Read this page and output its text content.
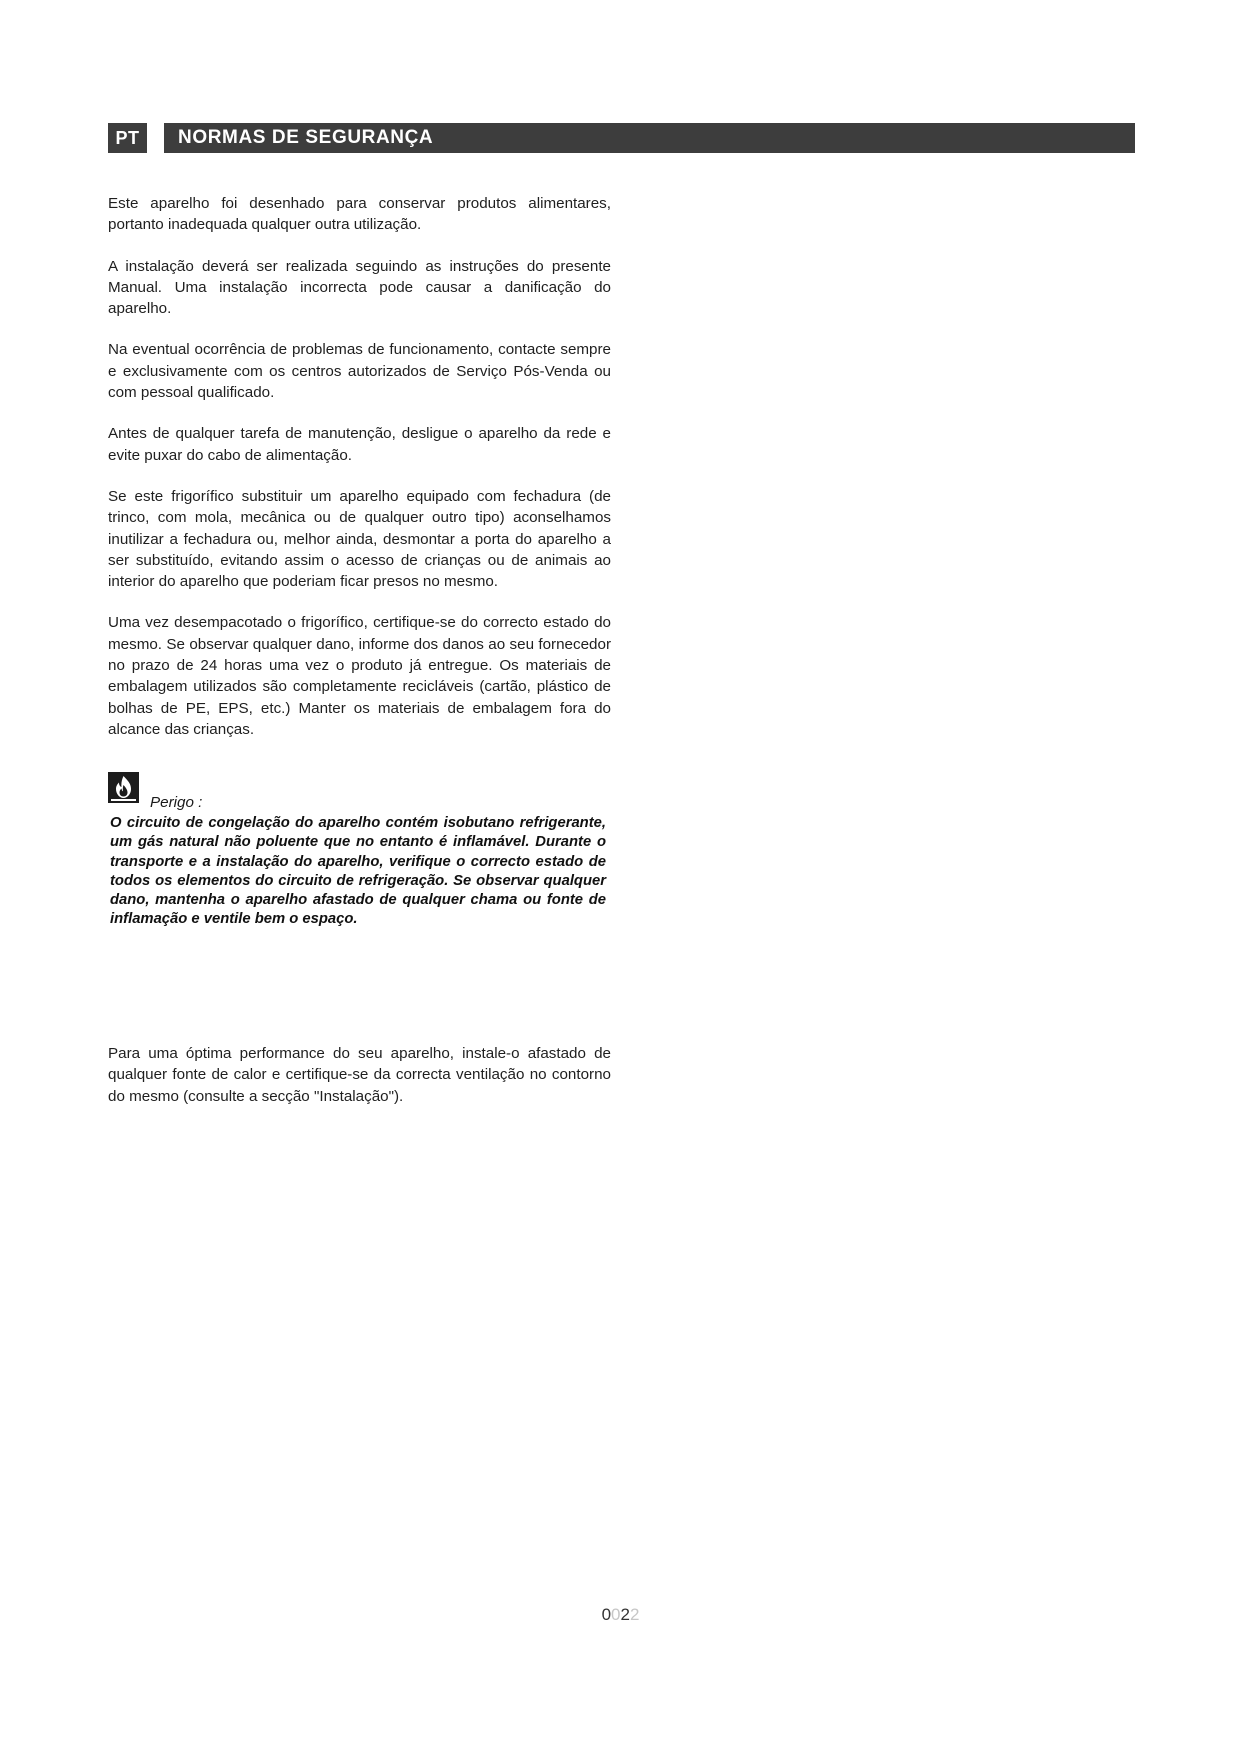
PT	NORMAS DE SEGURANÇA

Este aparelho foi desenhado para conservar produtos alimentares, portanto inadequada qualquer outra utilização.

A instalação deverá ser realizada seguindo as instruções do presente Manual. Uma instalação incorrecta pode causar a danificação do aparelho.

Na eventual ocorrência de problemas de funcionamento, contacte sempre e exclusivamente com os centros autorizados de Serviço Pós-Venda ou com pessoal qualificado.

Antes de qualquer tarefa de manutenção, desligue o aparelho da rede e evite puxar do cabo de alimentação.

Se este frigorífico substituir um aparelho equipado com fechadura (de trinco, com mola, mecânica ou de qualquer outro tipo) aconselhamos inutilizar a fechadura ou, melhor ainda, desmontar a porta do aparelho a ser substituído, evitando assim o acesso de crianças ou de animais ao interior do aparelho que poderiam ficar presos no mesmo.

Uma vez desempacotado o frigorífico, certifique-se do correcto estado do mesmo. Se observar qualquer dano, informe dos danos ao seu fornecedor no prazo de 24 horas uma vez o produto já entregue. Os materiais de embalagem utilizados são completamente recicláveis (cartão, plástico de bolhas de PE, EPS, etc.) Manter os materiais de embalagem fora do alcance das crianças.

Perigo :

O circuito de congelação do aparelho contém isobutano refrigerante, um gás natural não poluente que no entanto é inflamável. Durante o transporte e a instalação do aparelho, verifique o correcto estado de todos os elementos do circuito de refrigeração. Se observar qualquer dano, mantenha o aparelho afastado de qualquer chama ou fonte de inflamação e ventile bem o espaço.

Para uma óptima performance do seu aparelho, instale-o afastado de qualquer fonte de calor e certifique-se da correcta ventilação no contorno do mesmo (consulte a secção "Instalação").

0022
